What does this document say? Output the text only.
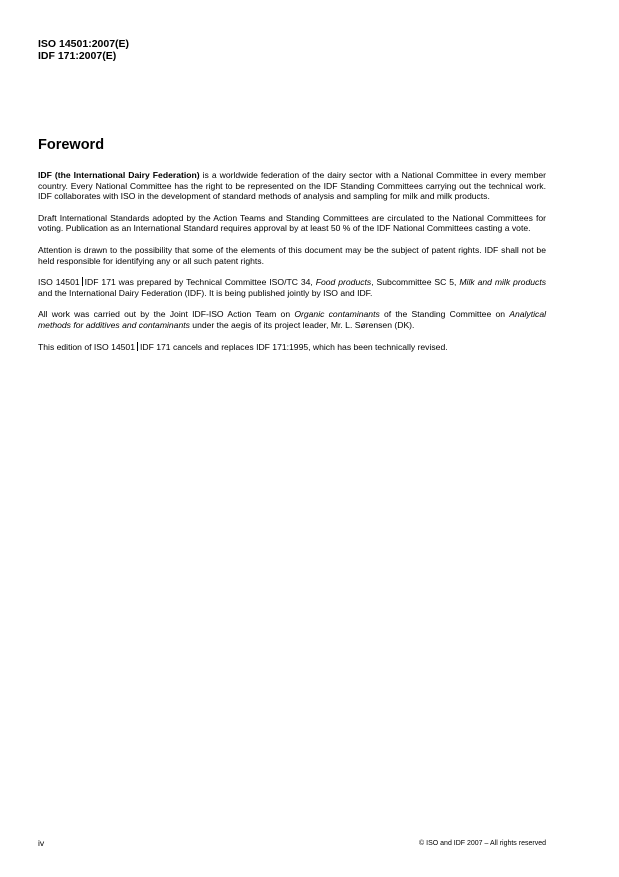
ISO 14501:2007(E)
IDF 171:2007(E)
Foreword

IDF (the International Dairy Federation) is a worldwide federation of the dairy sector with a National Committee in every member country. Every National Committee has the right to be represented on the IDF Standing Committees carrying out the technical work. IDF collaborates with ISO in the development of standard methods of analysis and sampling for milk and milk products.

Draft International Standards adopted by the Action Teams and Standing Committees are circulated to the National Committees for voting. Publication as an International Standard requires approval by at least 50 % of the IDF National Committees casting a vote.

Attention is drawn to the possibility that some of the elements of this document may be the subject of patent rights. IDF shall not be held responsible for identifying any or all such patent rights.

ISO 14501 IDF 171 was prepared by Technical Committee ISO/TC 34, Food products, Subcommittee SC 5, Milk and milk products and the International Dairy Federation (IDF). It is being published jointly by ISO and IDF.

All work was carried out by the Joint IDF-ISO Action Team on Organic contaminants of the Standing Committee on Analytical methods for additives and contaminants under the aegis of its project leader, Mr. L. Sørensen (DK).

This edition of ISO 14501 IDF 171 cancels and replaces IDF 171:1995, which has been technically revised.

iv	© ISO and IDF 2007 – All rights reserved
